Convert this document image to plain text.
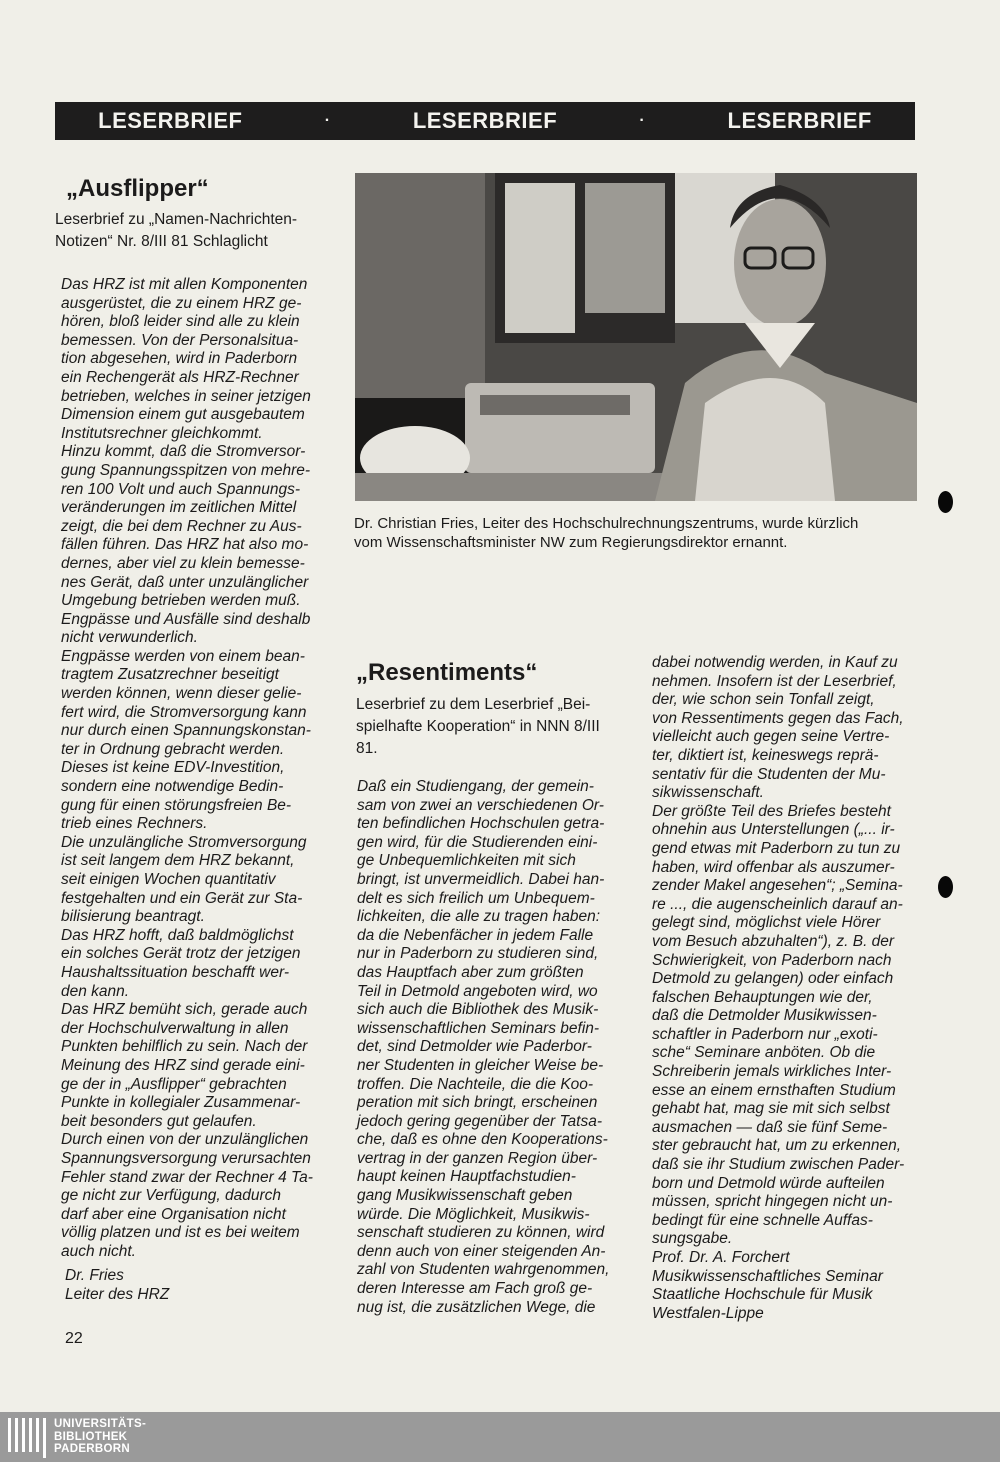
LESERBRIEF	·	LESERBRIEF	·	LESERBRIEF
„Ausflipper“
Leserbrief zu „Namen-Nachrichten-
Notizen“ Nr. 8/III 81 Schlaglicht
Das HRZ ist mit allen Komponenten
ausgerüstet, die zu einem HRZ ge-
hören, bloß leider sind alle zu klein
bemessen. Von der Personalsitua-
tion abgesehen, wird in Paderborn
ein Rechengerät als HRZ-Rechner
betrieben, welches in seiner jetzigen
Dimension einem gut ausgebautem
Institutsrechner gleichkommt.
Hinzu kommt, daß die Stromversor-
gung Spannungsspitzen von mehre-
ren 100 Volt und auch Spannungs-
veränderungen im zeitlichen Mittel
zeigt, die bei dem Rechner zu Aus-
fällen führen. Das HRZ hat also mo-
dernes, aber viel zu klein bemesse-
nes Gerät, daß unter unzulänglicher
Umgebung betrieben werden muß.
Engpässe und Ausfälle sind deshalb
nicht verwunderlich.
Engpässe werden von einem bean-
tragtem Zusatzrechner beseitigt
werden können, wenn dieser gelie-
fert wird, die Stromversorgung kann
nur durch einen Spannungskonstan-
ter in Ordnung gebracht werden.
Dieses ist keine EDV-Investition,
sondern eine notwendige Bedin-
gung für einen störungsfreien Be-
trieb eines Rechners.
Die unzulängliche Stromversorgung
ist seit langem dem HRZ bekannt,
seit einigen Wochen quantitativ
festgehalten und ein Gerät zur Sta-
bilisierung beantragt.
Das HRZ hofft, daß baldmöglichst
ein solches Gerät trotz der jetzigen
Haushaltssituation beschafft wer-
den kann.
Das HRZ bemüht sich, gerade auch
der Hochschulverwaltung in allen
Punkten behilflich zu sein. Nach der
Meinung des HRZ sind gerade eini-
ge der in „Ausflipper“ gebrachten
Punkte in kollegialer Zusammenar-
beit besonders gut gelaufen.
Durch einen von der unzulänglichen
Spannungsversorgung verursachten
Fehler stand zwar der Rechner 4 Ta-
ge nicht zur Verfügung, dadurch
darf aber eine Organisation nicht
völlig platzen und ist es bei weitem
auch nicht.
Dr. Fries
Leiter des HRZ
Dr. Christian Fries, Leiter des Hochschulrechnungszentrums, wurde kürzlich
vom Wissenschaftsminister NW zum Regierungsdirektor ernannt.
„Resentiments“
Leserbrief zu dem Leserbrief „Bei-
spielhafte Kooperation“ in NNN 8/III
81.
Daß ein Studiengang, der gemein-
sam von zwei an verschiedenen Or-
ten befindlichen Hochschulen getra-
gen wird, für die Studierenden eini-
ge Unbequemlichkeiten mit sich
bringt, ist unvermeidlich. Dabei han-
delt es sich freilich um Unbequem-
lichkeiten, die alle zu tragen haben:
da die Nebenfächer in jedem Falle
nur in Paderborn zu studieren sind,
das Hauptfach aber zum größten
Teil in Detmold angeboten wird, wo
sich auch die Bibliothek des Musik-
wissenschaftlichen Seminars befin-
det, sind Detmolder wie Paderbor-
ner Studenten in gleicher Weise be-
troffen. Die Nachteile, die die Koo-
peration mit sich bringt, erscheinen
jedoch gering gegenüber der Tatsa-
che, daß es ohne den Kooperations-
vertrag in der ganzen Region über-
haupt keinen Hauptfachstudien-
gang Musikwissenschaft geben
würde. Die Möglichkeit, Musikwis-
senschaft studieren zu können, wird
denn auch von einer steigenden An-
zahl von Studenten wahrgenommen,
deren Interesse am Fach groß ge-
nug ist, die zusätzlichen Wege, die
dabei notwendig werden, in Kauf zu
nehmen. Insofern ist der Leserbrief,
der, wie schon sein Tonfall zeigt,
von Ressentiments gegen das Fach,
vielleicht auch gegen seine Vertre-
ter, diktiert ist, keineswegs reprä-
sentativ für die Studenten der Mu-
sikwissenschaft.
Der größte Teil des Briefes besteht
ohnehin aus Unterstellungen („... ir-
gend etwas mit Paderborn zu tun zu
haben, wird offenbar als auszumer-
zender Makel angesehen“; „Semina-
re ..., die augenscheinlich darauf an-
gelegt sind, möglichst viele Hörer
vom Besuch abzuhalten“), z. B. der
Schwierigkeit, von Paderborn nach
Detmold zu gelangen) oder einfach
falschen Behauptungen wie der,
daß die Detmolder Musikwissen-
schaftler in Paderborn nur „exoti-
sche“ Seminare anböten. Ob die
Schreiberin jemals wirkliches Inter-
esse an einem ernsthaften Studium
gehabt hat, mag sie mit sich selbst
ausmachen — daß sie fünf Seme-
ster gebraucht hat, um zu erkennen,
daß sie ihr Studium zwischen Pader-
born und Detmold würde aufteilen
müssen, spricht hingegen nicht un-
bedingt für eine schnelle Auffas-
sungsgabe.
Prof. Dr. A. Forchert
Musikwissenschaftliches Seminar
Staatliche Hochschule für Musik
Westfalen-Lippe
22
UNIVERSITÄTS-
BIBLIOTHEK
PADERBORN
